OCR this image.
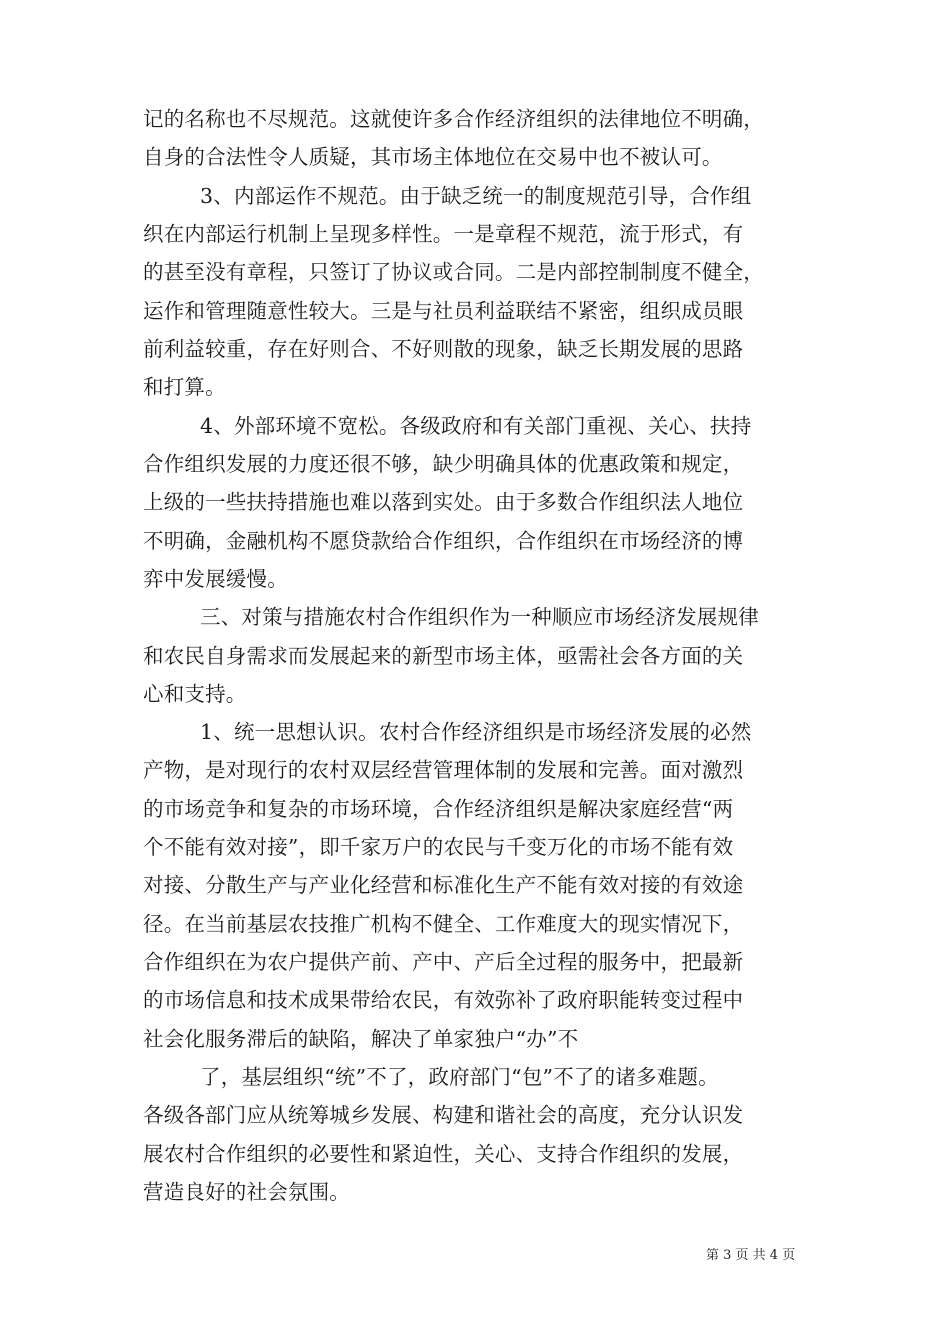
记的名称也不尽规范。这就使许多合作经济组织的法律地位不明确，
自身的合法性令人质疑，其市场主体地位在交易中也不被认可。
3、内部运作不规范。由于缺乏统一的制度规范引导，合作组
织在内部运行机制上呈现多样性。一是章程不规范，流于形式，有
的甚至没有章程，只签订了协议或合同。二是内部控制制度不健全，
运作和管理随意性较大。三是与社员利益联结不紧密，组织成员眼
前利益较重，存在好则合、不好则散的现象，缺乏长期发展的思路
和打算。
4、外部环境不宽松。各级政府和有关部门重视、关心、扶持
合作组织发展的力度还很不够，缺少明确具体的优惠政策和规定，
上级的一些扶持措施也难以落到实处。由于多数合作组织法人地位
不明确，金融机构不愿贷款给合作组织，合作组织在市场经济的博
弈中发展缓慢。
三、对策与措施农村合作组织作为一种顺应市场经济发展规律
和农民自身需求而发展起来的新型市场主体，亟需社会各方面的关
心和支持。
1、统一思想认识。农村合作经济组织是市场经济发展的必然
产物，是对现行的农村双层经营管理体制的发展和完善。面对激烈
的市场竞争和复杂的市场环境，合作经济组织是解决家庭经营“两
个不能有效对接”，即千家万户的农民与千变万化的市场不能有效
对接、分散生产与产业化经营和标准化生产不能有效对接的有效途
径。在当前基层农技推广机构不健全、工作难度大的现实情况下，
合作组织在为农户提供产前、产中、产后全过程的服务中，把最新
的市场信息和技术成果带给农民，有效弥补了政府职能转变过程中
社会化服务滞后的缺陷，解决了单家独户“办”不
了，基层组织“统”不了，政府部门“包”不了的诸多难题。
各级各部门应从统筹城乡发展、构建和谐社会的高度，充分认识发
展农村合作组织的必要性和紧迫性，关心、支持合作组织的发展，
营造良好的社会氛围。
第 3 页 共 4 页
